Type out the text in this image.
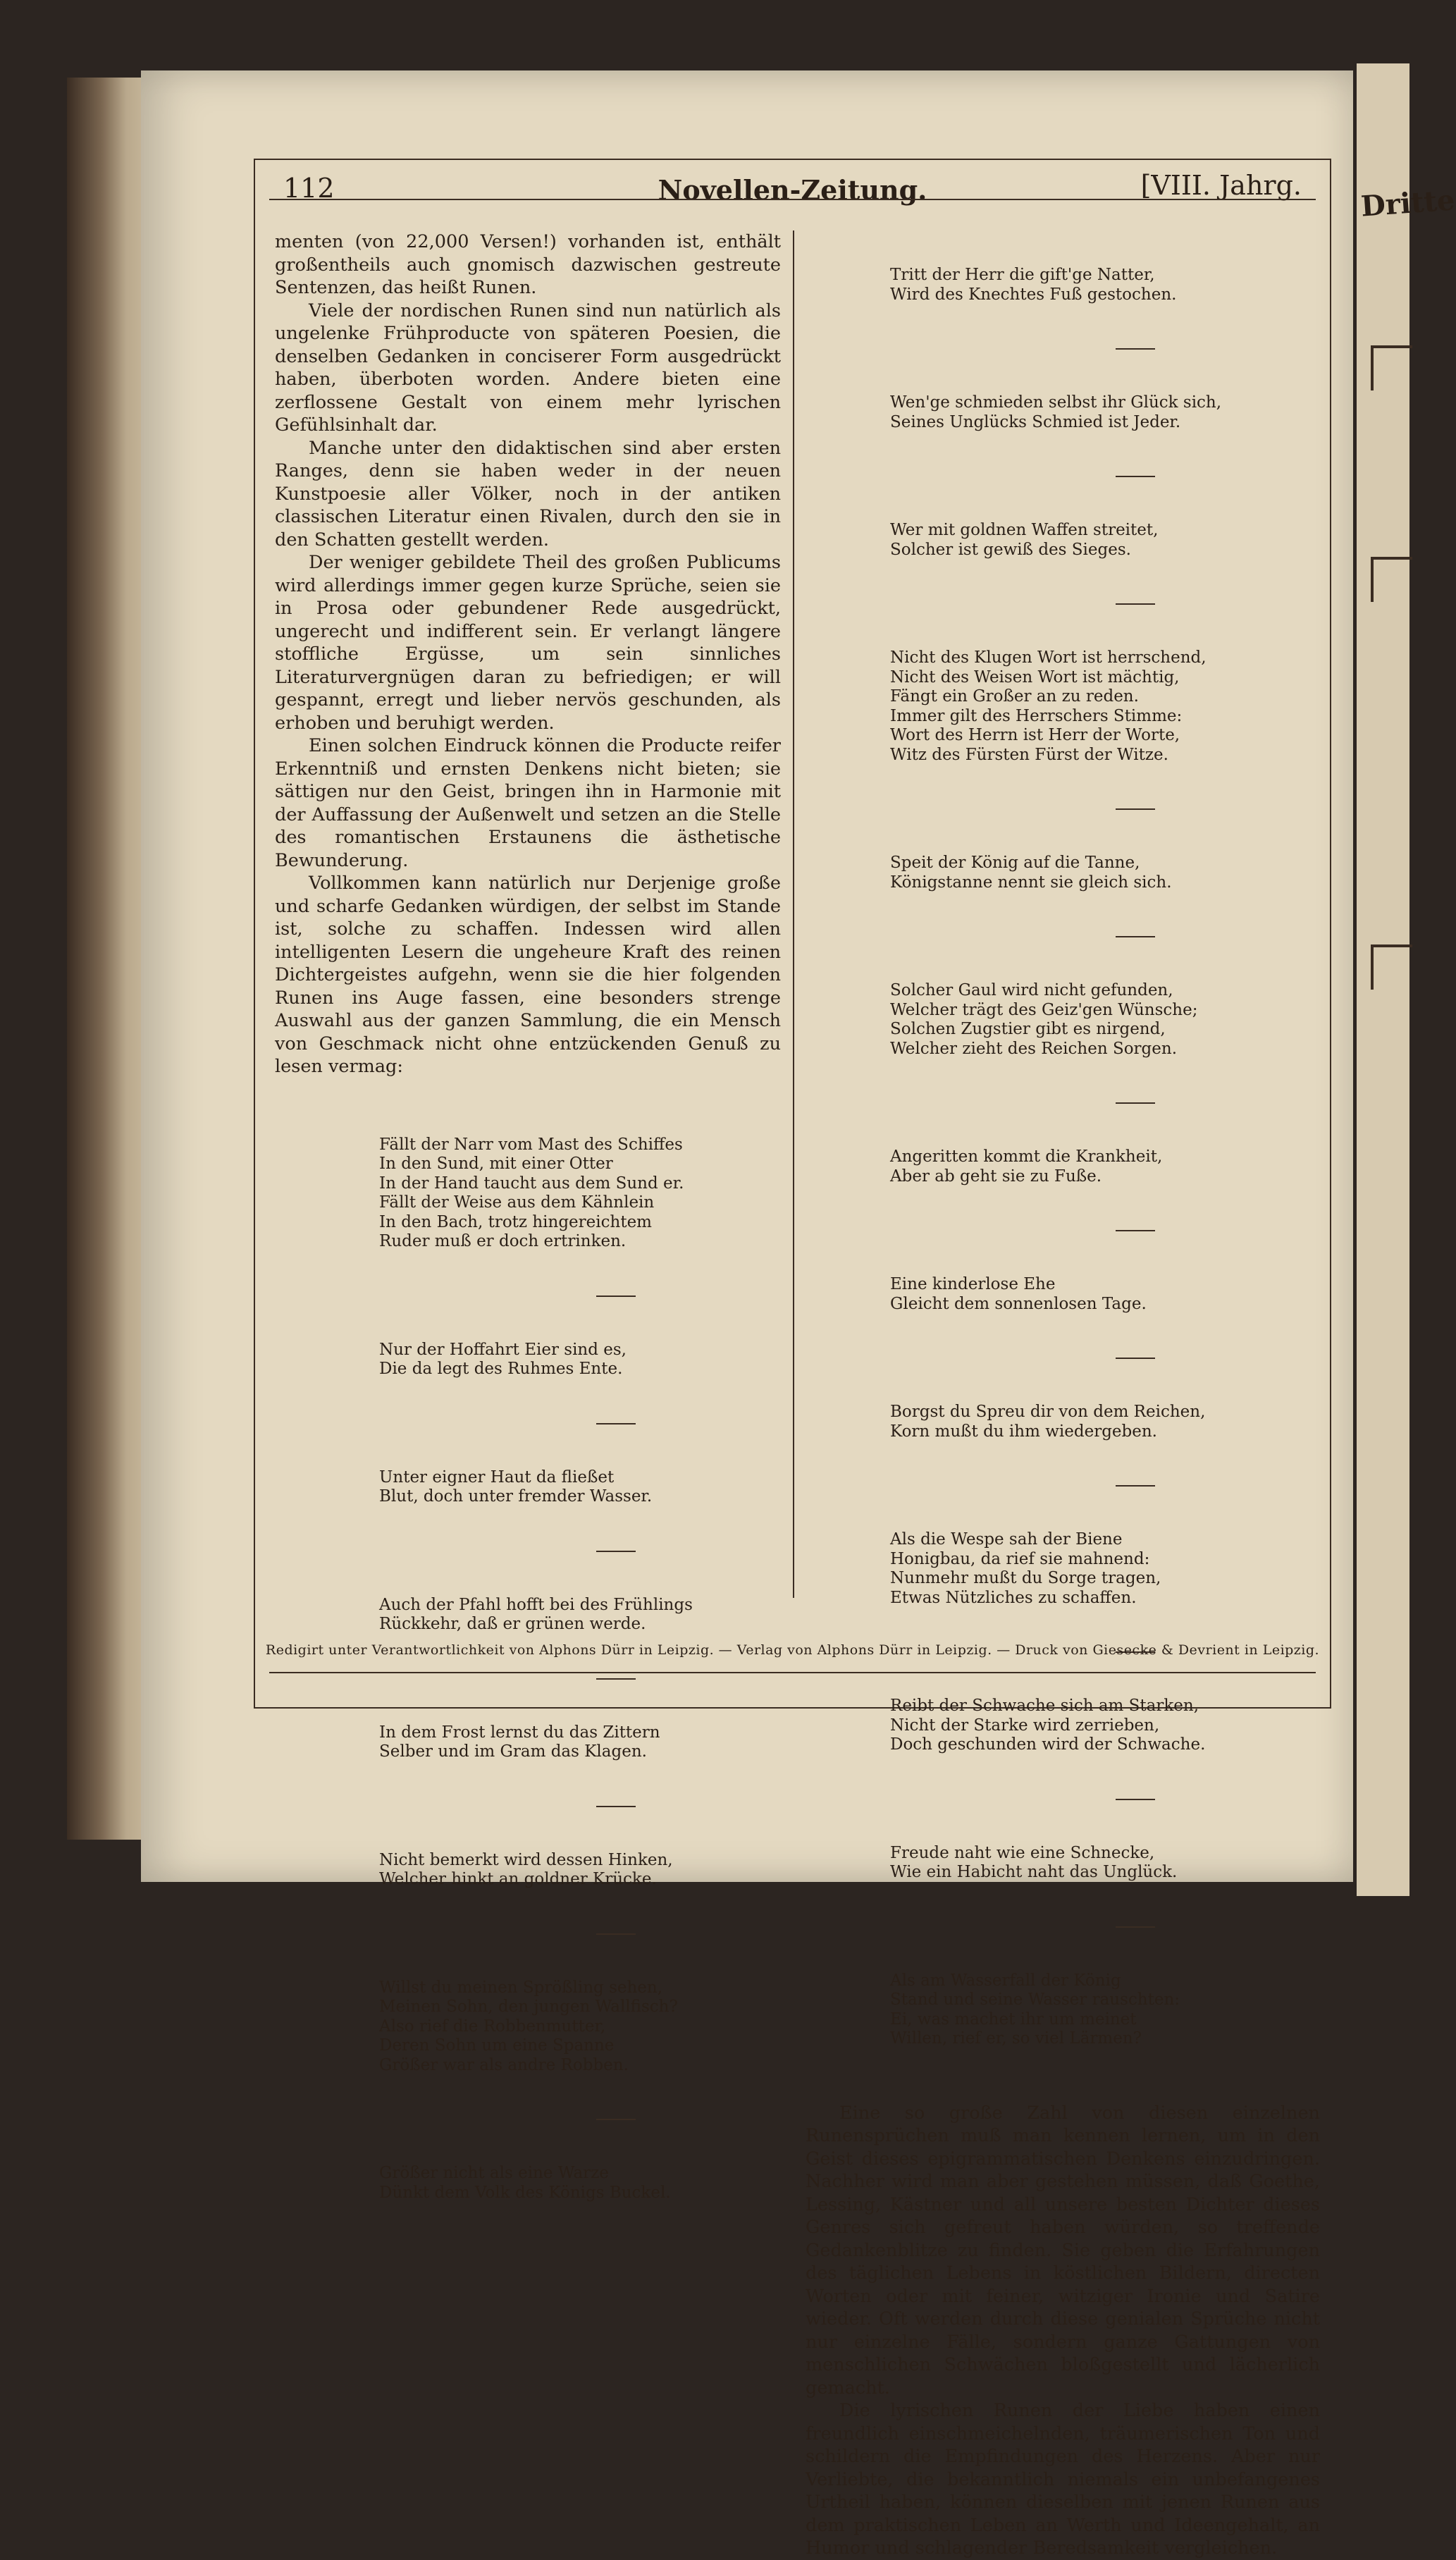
Dritte
112	Novellen-Zeitung.	[VIII. Jahrg.

menten (von 22,000 Versen!) vorhanden ist, enthält großentheils auch gnomisch dazwischen gestreute Sentenzen, das heißt Runen.

Viele der nordischen Runen sind nun natürlich als ungelenke Frühproducte von späteren Poesien, die denselben Gedanken in conciserer Form ausgedrückt haben, überboten worden. Andere bieten eine zerflossene Gestalt von einem mehr lyrischen Gefühlsinhalt dar.

Manche unter den didaktischen sind aber ersten Ranges, denn sie haben weder in der neuen Kunstpoesie aller Völker, noch in der antiken classischen Literatur einen Rivalen, durch den sie in den Schatten gestellt werden.

Der weniger gebildete Theil des großen Publicums wird allerdings immer gegen kurze Sprüche, seien sie in Prosa oder gebundener Rede ausgedrückt, ungerecht und indifferent sein. Er verlangt längere stoffliche Ergüsse, um sein sinnliches Literaturvergnügen daran zu befriedigen; er will gespannt, erregt und lieber nervös geschunden, als erhoben und beruhigt werden.

Einen solchen Eindruck können die Producte reifer Erkenntniß und ernsten Denkens nicht bieten; sie sättigen nur den Geist, bringen ihn in Harmonie mit der Auffassung der Außenwelt und setzen an die Stelle des romantischen Erstaunens die ästhetische Bewunderung.

Vollkommen kann natürlich nur Derjenige große und scharfe Gedanken würdigen, der selbst im Stande ist, solche zu schaffen. Indessen wird allen intelligenten Lesern die ungeheure Kraft des reinen Dichtergeistes aufgehn, wenn sie die hier folgenden Runen ins Auge fassen, eine besonders strenge Auswahl aus der ganzen Sammlung, die ein Mensch von Geschmack nicht ohne entzückenden Genuß zu lesen vermag:

Fällt der Narr vom Mast des Schiffes
In den Sund, mit einer Otter
In der Hand taucht aus dem Sund er.
Fällt der Weise aus dem Kähnlein
In den Bach, trotz hingereichtem
Ruder muß er doch ertrinken.

Nur der Hoffahrt Eier sind es,
Die da legt des Ruhmes Ente.

Unter eigner Haut da fließet
Blut, doch unter fremder Wasser.

Auch der Pfahl hofft bei des Frühlings
Rückkehr, daß er grünen werde.

In dem Frost lernst du das Zittern
Selber und im Gram das Klagen.

Nicht bemerkt wird dessen Hinken,
Welcher hinkt an goldner Krücke.

Willst du meinen Sprößling sehen,
Meinen Sohn, den jungen Wallfisch?
Also rief die Robbenmutter,
Deren Sohn um eine Spanne
Größer war als andre Robben.

Größer nicht als eine Warze
Dünkt dem Volk des Königs Buckel.

Tritt der Herr die gift'ge Natter,
Wird des Knechtes Fuß gestochen.

Wen'ge schmieden selbst ihr Glück sich,
Seines Unglücks Schmied ist Jeder.

Wer mit goldnen Waffen streitet,
Solcher ist gewiß des Sieges.

Nicht des Klugen Wort ist herrschend,
Nicht des Weisen Wort ist mächtig,
Fängt ein Großer an zu reden.
Immer gilt des Herrschers Stimme:
Wort des Herrn ist Herr der Worte,
Witz des Fürsten Fürst der Witze.

Speit der König auf die Tanne,
Königstanne nennt sie gleich sich.

Solcher Gaul wird nicht gefunden,
Welcher trägt des Geiz'gen Wünsche;
Solchen Zugstier gibt es nirgend,
Welcher zieht des Reichen Sorgen.

Angeritten kommt die Krankheit,
Aber ab geht sie zu Fuße.

Eine kinderlose Ehe
Gleicht dem sonnenlosen Tage.

Borgst du Spreu dir von dem Reichen,
Korn mußt du ihm wiedergeben.

Als die Wespe sah der Biene
Honigbau, da rief sie mahnend:
Nunmehr mußt du Sorge tragen,
Etwas Nützliches zu schaffen.

Reibt der Schwache sich am Starken,
Nicht der Starke wird zerrieben,
Doch geschunden wird der Schwache.

Freude naht wie eine Schnecke,
Wie ein Habicht naht das Unglück.

Als am Wasserfall der König
Stand und seine Wasser rauschten:
Ei, was machet ihr um meinet
Willen, rief er, so viel Lärmen?

Eine so große Zahl von diesen einzelnen Runensprüchen muß man kennen lernen, um in den Geist dieses epigrammatischen Denkens einzudringen. Nachher wird man aber gestehen müssen, daß Goethe, Lessing, Kästner und all unsere besten Dichter dieses Genres sich gefreut haben würden, so treffende Gedankenblitze zu finden. Sie geben die Erfahrungen des täglichen Lebens in köstlichen Bildern, directen Worten oder mit feiner, witziger Ironie und Satire wieder. Oft werden durch diese genialen Sprüche nicht nur einzelne Fälle, sondern ganze Gattungen von menschlichen Schwächen bloßgestellt und lächerlich gemacht.

Die lyrischen Runen der Liebe haben einen freundlich einschmeichelnden, träumerischen Ton und schildern die Empfindungen des Herzens. Aber nur Verliebte, die bekanntlich niemals ein unbefangenes Urtheil haben, können dieselben mit jenen Runen aus dem praktischen Leben an Werth und Ideengehalt, an Humor und schlagender Beredsamkeit vergleichen.

Redigirt unter Verantwortlichkeit von Alphons Dürr in Leipzig. — Verlag von Alphons Dürr in Leipzig. — Druck von Giesecke & Devrient in Leipzig.
